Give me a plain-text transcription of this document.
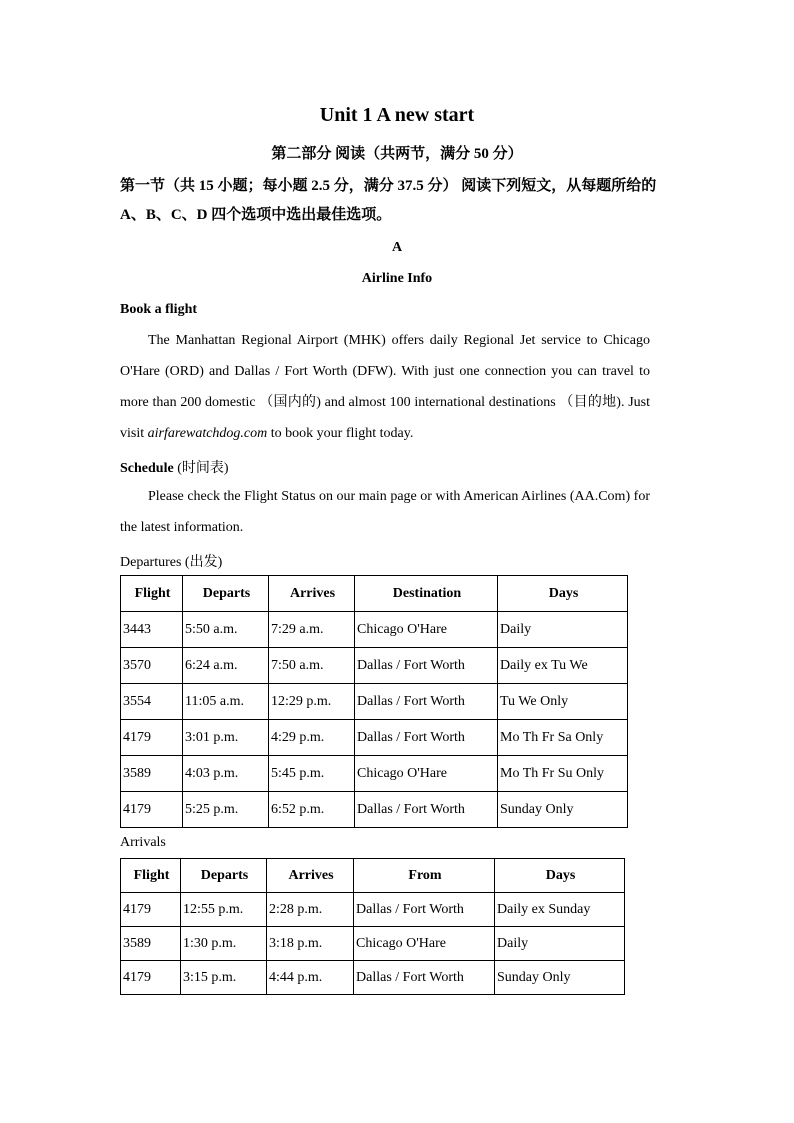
Unit 1 A new start
第二部分 阅读（共两节，满分 50 分）
第一节（共 15 小题；每小题 2.5 分，满分 37.5 分） 阅读下列短文，从每题所给的 A、B、C、D 四个选项中选出最佳选项。
A
Airline Info
Book a flight
The Manhattan Regional Airport (MHK) offers daily Regional Jet service to Chicago O'Hare (ORD) and Dallas / Fort Worth (DFW). With just one connection you can travel to more than 200 domestic （国内的) and almost 100 international destinations （目的地). Just visit airfarewatchdog.com to book your flight today.
Schedule (时间表)
Please check the Flight Status on our main page or with American Airlines (AA.Com) for the latest information.
Departures (出发)
Flight	Departs	Arrives	Destination	Days
3443	5:50 a.m.	7:29 a.m.	Chicago O'Hare	Daily
3570	6:24 a.m.	7:50 a.m.	Dallas / Fort Worth	Daily ex Tu We
3554	11:05 a.m.	12:29 p.m.	Dallas / Fort Worth	Tu We Only
4179	3:01 p.m.	4:29 p.m.	Dallas / Fort Worth	Mo Th Fr Sa Only
3589	4:03 p.m.	5:45 p.m.	Chicago O'Hare	Mo Th Fr Su Only
4179	5:25 p.m.	6:52 p.m.	Dallas / Fort Worth	Sunday Only
Arrivals
Flight	Departs	Arrives	From	Days
4179	12:55 p.m.	2:28 p.m.	Dallas / Fort Worth	Daily ex Sunday
3589	1:30 p.m.	3:18 p.m.	Chicago O'Hare	Daily
4179	3:15 p.m.	4:44 p.m.	Dallas / Fort Worth	Sunday Only
